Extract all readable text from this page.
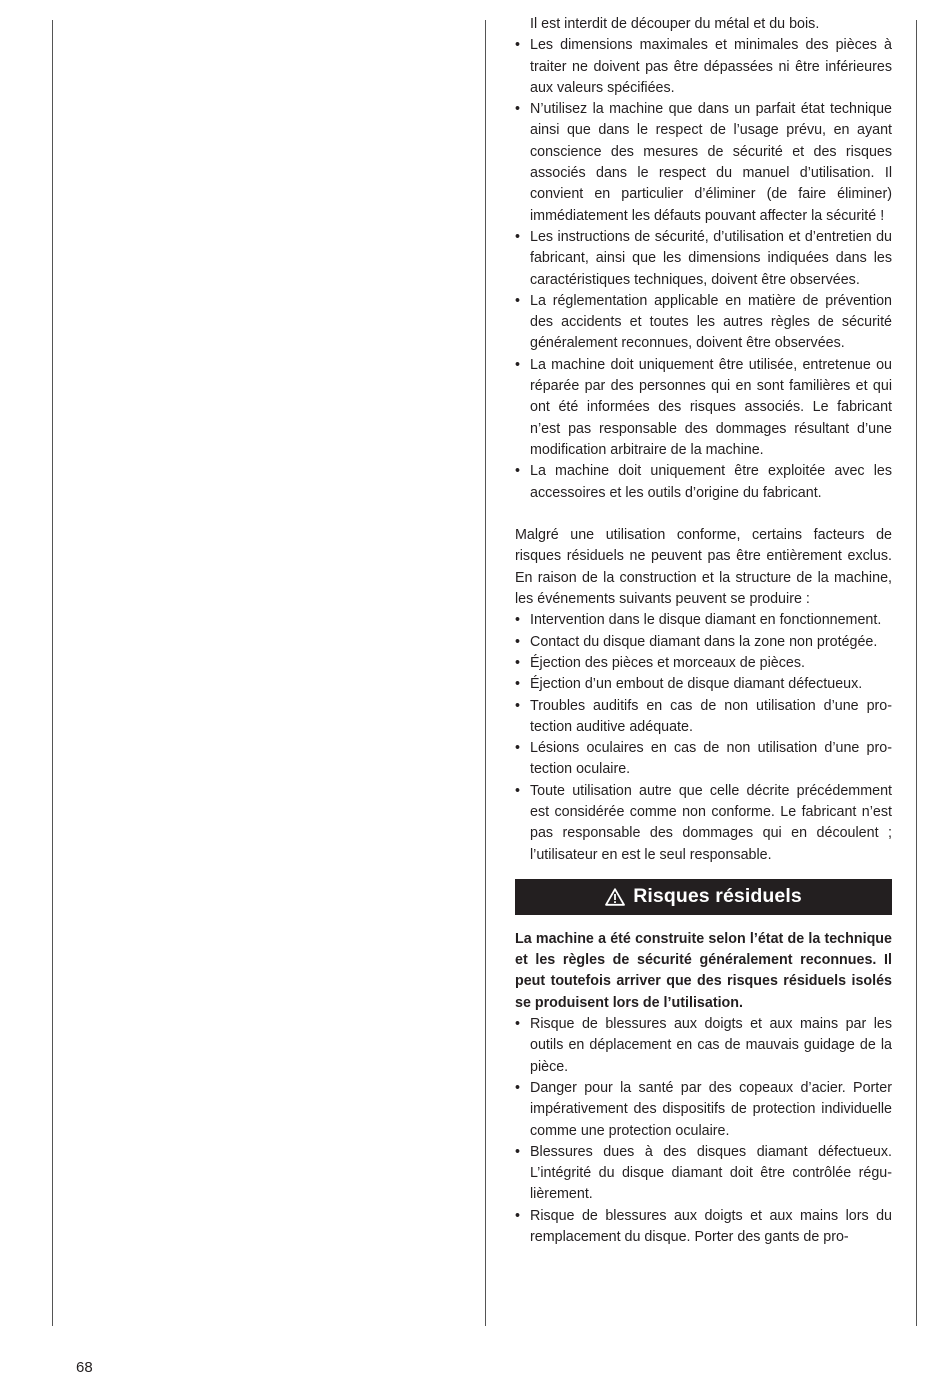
Il est interdit de découper du métal et du bois.
• Les dimensions maximales et minimales des pièces à traiter ne doivent pas être dépassées ni être inférieures aux valeurs spécifiées.
• N’utilisez la machine que dans un parfait état technique ainsi que dans le respect de l’usage prévu, en ayant conscience des mesures de sécurité et des risques associés dans le respect du manuel d’utilisation. Il convient en particulier d’éliminer (de faire éliminer) immédiatement les défauts pouvant affecter la sécurité !
• Les instructions de sécurité, d’utilisation et d’entretien du fabricant, ainsi que les dimensions indiquées dans les caractéristiques techniques, doivent être observées.
• La réglementation applicable en matière de prévention des accidents et toutes les autres règles de sécurité généralement reconnues, doivent être observées.
• La machine doit uniquement être utilisée, entretenue ou réparée par des personnes qui en sont familières et qui ont été informées des risques associés. Le fabricant n’est pas responsable des dommages résultant d’une modification arbitraire de la machine.
• La machine doit uniquement être exploitée avec les accessoires et les outils d’origine du fabricant.

Malgré une utilisation conforme, certains facteurs de risques résiduels ne peuvent pas être entièrement exclus. En raison de la construction et la structure de la machine, les événements suivants peuvent se produire :

• Intervention dans le disque diamant en fonctionnement.
• Contact du disque diamant dans la zone non protégée.
• Éjection des pièces et morceaux de pièces.
• Éjection d’un embout de disque diamant défectueux.
• Troubles auditifs en cas de non utilisation d’une protection auditive adéquate.
• Lésions oculaires en cas de non utilisation d’une protection oculaire.
• Toute utilisation autre que celle décrite précédemment est considérée comme non conforme. Le fabricant n’est pas responsable des dommages qui en découlent ; l’utilisateur en est le seul responsable.
Risques résiduels

La machine a été construite selon l’état de la technique et les règles de sécurité généralement reconnues. Il peut toutefois arriver que des risques résiduels isolés se produisent lors de l’utilisation.

• Risque de blessures aux doigts et aux mains par les outils en déplacement en cas de mauvais guidage de la pièce.
• Danger pour la santé par des copeaux d’acier. Porter impérativement des dispositifs de protection individuelle comme une protection oculaire.
• Blessures dues à des disques diamant défectueux. L’intégrité du disque diamant doit être contrôlée régulièrement.
• Risque de blessures aux doigts et aux mains lors du remplacement du disque. Porter des gants de pro-
68
